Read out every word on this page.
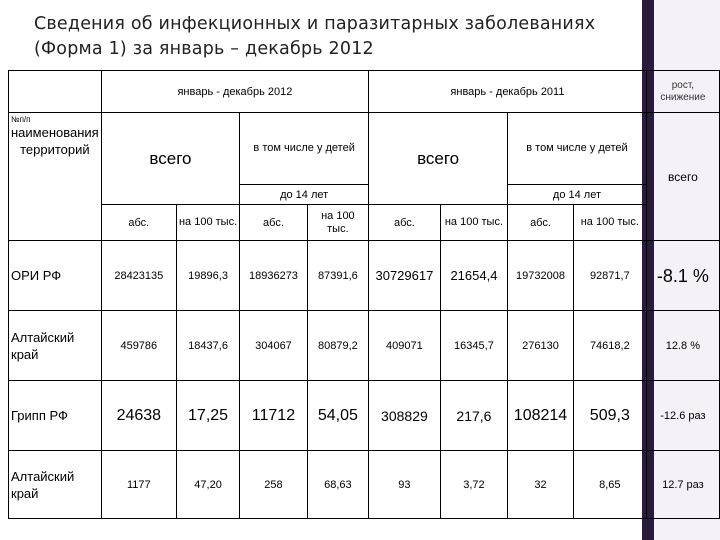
Сведения об инфекционных и паразитарных заболеваниях
(Форма 1) за январь – декабрь 2012
	январь - декабрь 2012				январь - декабрь 2011				рост, снижение

№п/п
наименования территорий	всего		в том числе у детей		всего		в том числе у детей		всего
			до 14 лет				до 14 лет		
	абс.	на 100 тыс.	абс.	на 100 тыс.	абс.	на 100 тыс.	абс.	на 100 тыс.	
ОРИ РФ	28423135	19896,3	18936273	87391,6	30729617	21654,4	19732008	92871,7	-8.1 %
Алтайский край	459786	18437,6	304067	80879,2	409071	16345,7	276130	74618,2	12.8 %
Грипп РФ	24638	17,25	11712	54,05	308829	217,6	108214	509,3	-12.6 раз
Алтайский край	1177	47,20	258	68,63	93	3,72	32	8,65	12.7 раз
